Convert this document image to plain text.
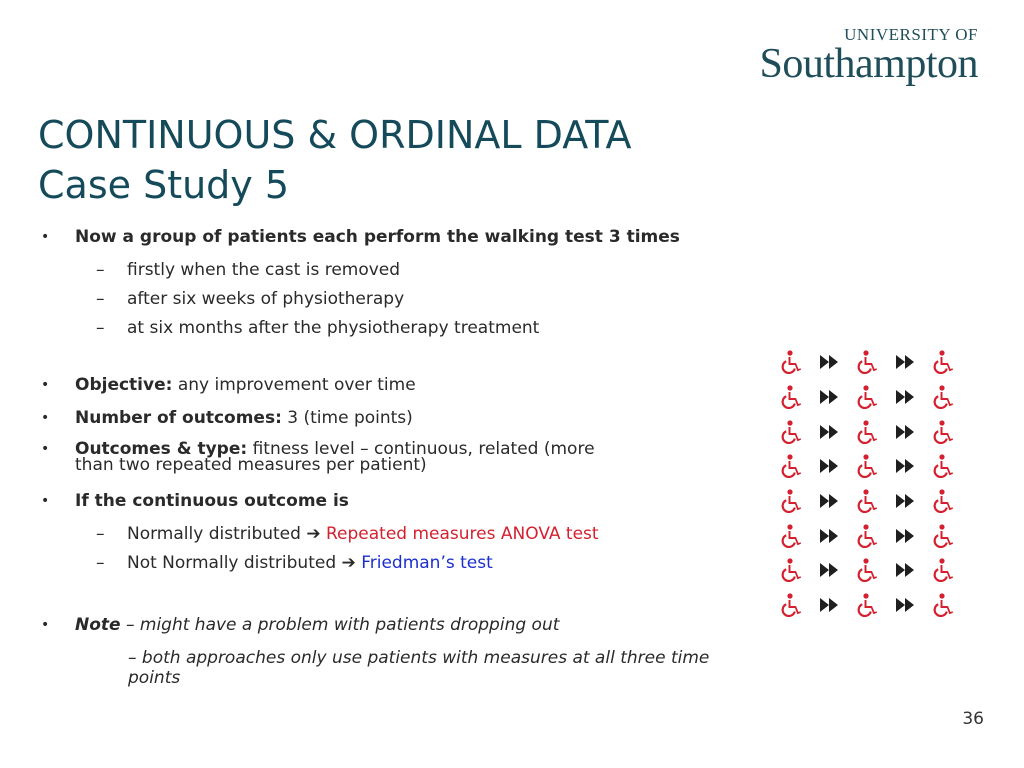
UNIVERSITY OF
Southampton
CONTINUOUS & ORDINAL DATA
Case Study 5
• Now a group of patients each perform the walking test 3 times
– firstly when the cast is removed
– after six weeks of physiotherapy
– at six months after the physiotherapy treatment
• Objective: any improvement over time
• Number of outcomes: 3 (time points)
• Outcomes & type: fitness level – continuous, related (more
than two repeated measures per patient)
• If the continuous outcome is
– Normally distributed ➔ Repeated measures ANOVA test
– Not Normally distributed ➔ Friedman’s test
• Note – might have a problem with patients dropping out
– both approaches only use patients with measures at all three time points
36
